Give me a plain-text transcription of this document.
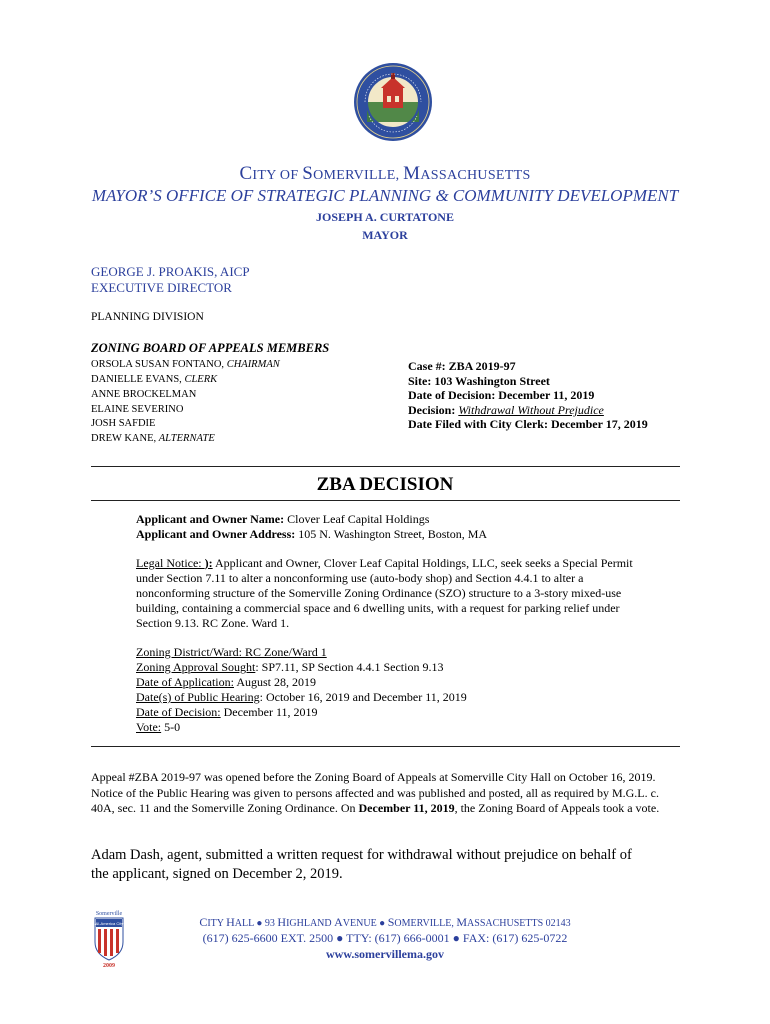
CITY OF SOMERVILLE, MASSACHUSETTS
MAYOR’S OFFICE OF STRATEGIC PLANNING & COMMUNITY DEVELOPMENT
JOSEPH A. CURTATONE
MAYOR
GEORGE J. PROAKIS, AICP
EXECUTIVE DIRECTOR
PLANNING DIVISION
ZONING BOARD OF APPEALS MEMBERS
ORSOLA SUSAN FONTANO, CHAIRMAN
DANIELLE EVANS, CLERK
ANNE BROCKELMAN
ELAINE SEVERINO
JOSH SAFDIE
DREW KANE, ALTERNATE
Case #: ZBA 2019-97
Site: 103 Washington Street
Date of Decision: December 11, 2019
Decision: Withdrawal Without Prejudice
Date Filed with City Clerk: December 17, 2019
ZBA DECISION
Applicant and Owner Name: Clover Leaf Capital Holdings
Applicant and Owner Address: 105 N. Washington Street, Boston, MA
Legal Notice: ): Applicant and Owner, Clover Leaf Capital Holdings, LLC, seek seeks a Special Permit under Section 7.11 to alter a nonconforming use (auto-body shop) and Section 4.4.1 to alter a nonconforming structure of the Somerville Zoning Ordinance (SZO) structure to a 3-story mixed-use building, containing a commercial space and 6 dwelling units, with a request for parking relief under Section 9.13. RC Zone. Ward 1.
Zoning District/Ward: RC Zone/Ward 1
Zoning Approval Sought: SP7.11, SP Section 4.4.1 Section 9.13
Date of Application: August 28, 2019
Date(s) of Public Hearing: October 16, 2019 and December 11, 2019
Date of Decision: December 11, 2019
Vote: 5-0
Appeal #ZBA 2019-97 was opened before the Zoning Board of Appeals at Somerville City Hall on October 16, 2019. Notice of the Public Hearing was given to persons affected and was published and posted, all as required by M.G.L. c. 40A, sec. 11 and the Somerville Zoning Ordinance. On December 11, 2019, the Zoning Board of Appeals took a vote.
Adam Dash, agent, submitted a written request for withdrawal without prejudice on behalf of the applicant, signed on December 2, 2019.
Somerville
All-America City
2009
CITY HALL ● 93 HIGHLAND AVENUE ● SOMERVILLE, MASSACHUSETTS 02143
(617) 625-6600 EXT. 2500 ● TTY: (617) 666-0001 ● FAX: (617) 625-0722
www.somervillema.gov
